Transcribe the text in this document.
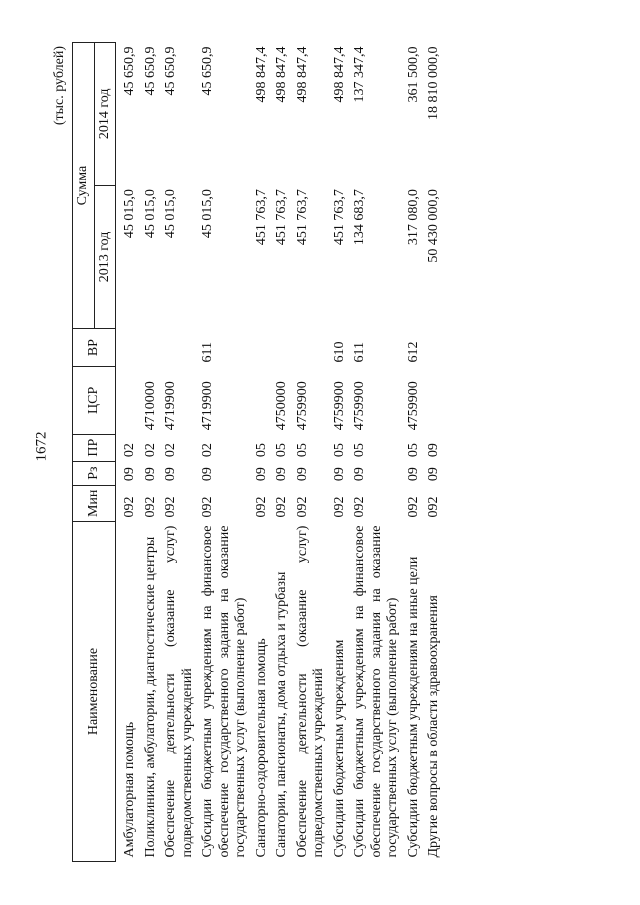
1672
(тыс. рублей)
Наименование	Мин	Рз	ПР	ЦСР	ВР	Сумма	
						2013 год	2014 год
Амбулаторная помощь	092	09	02			45 015,0	45 650,9
Поликлиники, амбулатории, диагностические центры	092	09	02	4710000		45 015,0	45 650,9
Обеспечение деятельности (оказание услуг) подведомственных учреждений	092	09	02	4719900		45 015,0	45 650,9
Субсидии бюджетным учреждениям на финансовое обеспечение государственного задания на оказание государственных услуг (выполнение работ)	092	09	02	4719900	611	45 015,0	45 650,9
Санаторно-оздоровительная помощь	092	09	05			451 763,7	498 847,4
Санатории, пансионаты, дома отдыха и турбазы	092	09	05	4750000		451 763,7	498 847,4
Обеспечение деятельности (оказание услуг) подведомственных учреждений	092	09	05	4759900		451 763,7	498 847,4
Субсидии бюджетным учреждениям	092	09	05	4759900	610	451 763,7	498 847,4
Субсидии бюджетным учреждениям на финансовое обеспечение государственного задания на оказание государственных услуг (выполнение работ)	092	09	05	4759900	611	134 683,7	137 347,4
Субсидии бюджетным учреждениям на иные цели	092	09	05	4759900	612	317 080,0	361 500,0
Другие вопросы в области здравоохранения	092	09	09			50 430 000,0	18 810 000,0
